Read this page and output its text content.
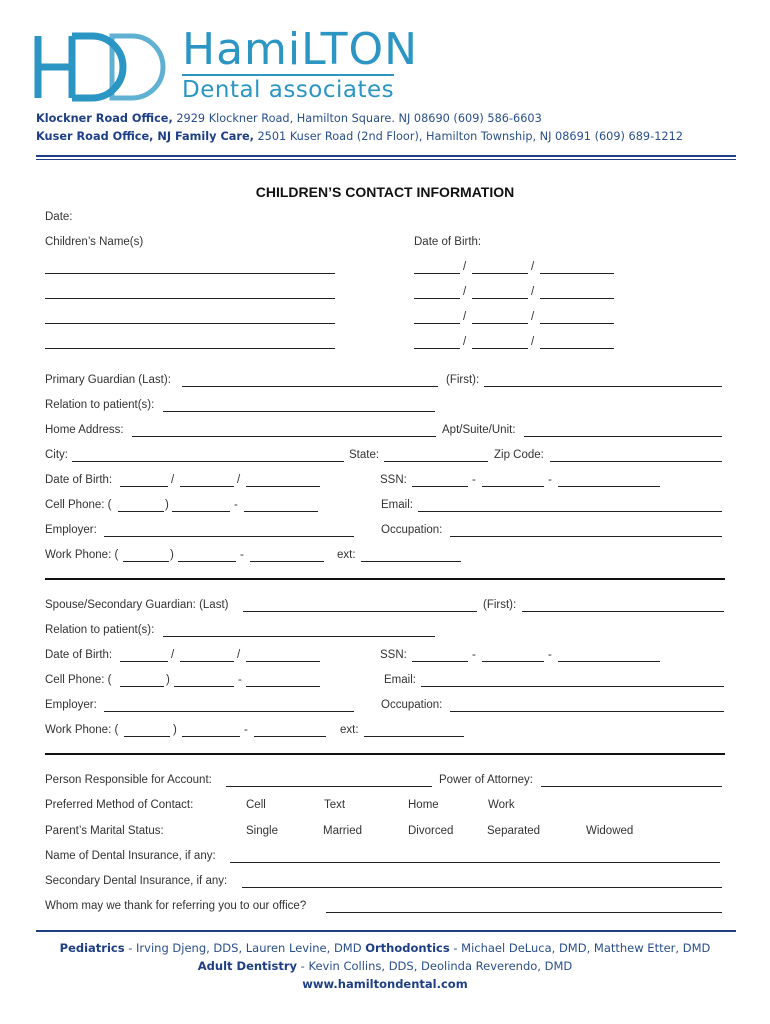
HamiLTON
Dental associates
Klockner Road Office, 2929 Klockner Road, Hamilton Square. NJ 08690 (609) 586-6603
Kuser Road Office, NJ Family Care, 2501 Kuser Road (2nd Floor), Hamilton Township, NJ 08691 (609) 689-1212
CHILDREN’S CONTACT INFORMATION
Date:
Children’s Name(s)	Date of Birth:
/	/
/	/
/	/
/	/
Primary Guardian (Last):	(First):
Relation to patient(s):
Home Address:	Apt/Suite/Unit:
City:	State:	Zip Code:
Date of Birth:	/	/	SSN:	-	-
Cell Phone: (	)	-	Email:
Employer:	Occupation:
Work Phone: (	)	-	ext:
Spouse/Secondary Guardian: (Last)	(First):
Relation to patient(s):
Date of Birth:	/	/	SSN:	-	-
Cell Phone: (	)	-	Email:
Employer:	Occupation:
Work Phone: (	)	-	ext:
Person Responsible for Account:	Power of Attorney:
Preferred Method of Contact:	Cell	Text	Home	Work
Parent’s Marital Status:	Single	Married	Divorced	Separated	Widowed
Name of Dental Insurance, if any:
Secondary Dental Insurance, if any:
Whom may we thank for referring you to our office?
Pediatrics - Irving Djeng, DDS, Lauren Levine, DMD Orthodontics - Michael DeLuca, DMD, Matthew Etter, DMD
Adult Dentistry - Kevin Collins, DDS, Deolinda Reverendo, DMD
www.hamiltondental.com
